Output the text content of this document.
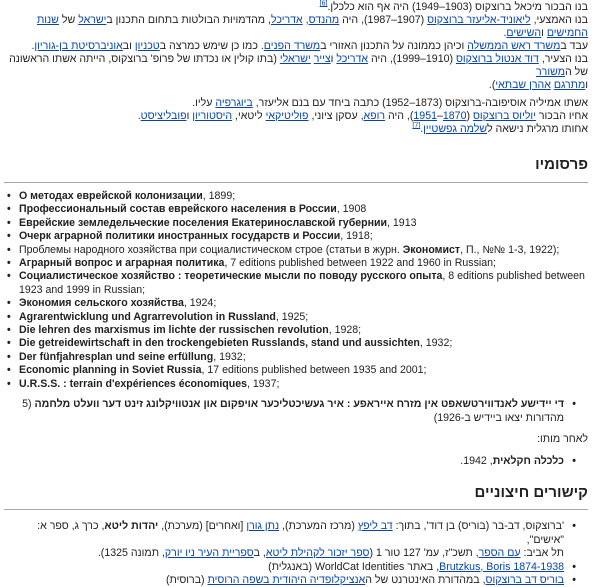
בנו הבכור מיכאל ברוצקוס (1903–1949) היה אף הוא כלכלן.[6]

בנו האמצעי, ליאוניד-אליעזר ברוצקוס (1907–1987), היה מהנדס, אדריכל, מהדמויות הבולטות בתחום התכנון בישראל של שנות החמישים והשישים.

עבד במשרד ראש הממשלה וכיהן כממונה על התכנון האזורי במשרד הפנים. כמו כן שימש כמרצה בטכניון ובאוניברסיטת בן-גוריון.

בנו הצעיר, דוד אנטול ברוצקוס (1910–1999), היה אדריכל וצייר ישראלי (בתו קולין או נכדתו של פרופ' ברוצקוס, הייתה אשתו הראשונה של המשורר

ומתרגם אהרן שבתאי).

אשתו אמיליה אוסיפובה-ברוצקוס (1873–1952) כתבה ביחד עם בנם אליעזר, ביוגרפיה עליו.

אחיו הבכור יוליוס ברוצקוס (1870–1951), היה רופא, עסקן ציוני, פוליטיקאי ליטאי, היסטוריון ופובליציסט.

אחותו מרגלית נישאה לשלמה גפשטיין.[7]

פרסומיו
• О методах еврейской колонизации, 1899;
• Профессиональный состав еврейского населения в России, 1908
• Еврейские земледельческие поселения Екатеринославской губернии, 1913
• Очерк аграрной политики иностранных государств и России, 1918;
• Проблемы народного хозяйства при социалистическом строе (статьи в журн. Экономист, П., №№ 1-3, 1922);
• Аграрный вопрос и аграрная политика, 7 editions published between 1922 and 1960 in Russian;
• Социалистическое хозяйство : теоретические мысли по поводу русского опыта, 8 editions published between 1923 and 1999 in Russian;
• Экономия сельского хозяйства, 1924;
• Agrarentwicklung und Agrarrevolution in Russland, 1925;
• Die lehren des marxismus im lichte der russischen revolution, 1928;
• Die getreidewirtschaft in den trockengebieten Russlands, stand und aussichten, 1932;
• Der fünfjahresplan und seine erfüllung, 1932;
• Economic planning in Soviet Russia, 17 editions published between 1935 and 2001;
• U.R.S.S. : terrain d'expériences économiques, 1937;
• די יידישע לאנדווירטשאפט אין מזרח אייראפע : איר געשיכטליכער אויפקום און אנטוויקלונג זינט דער וועלט מלחמה (5 מהדורות יצאו ביידיש ב-1926)

לאחר מותו:

• כלכלה חקלאית, 1942.
קישורים חיצוניים
• 'ברוצקוס, דב-בר (בוריס) בן דוד', בתוך: דב ליפץ (מרכז המערכת), נתן גורן [ואחרים] (מערכת), יהדות ליטא, כרך ג, ספר א: "אישים",
תל אביב: עם הספר, תשכ"ז, עמ' 127 טור 1 (ספר יזכור לקהילת ליטא, בספריית העיר ניו יורק, תמונה 1325).
• Brutzkus, Boris 1874-1938, באתר WorldCat Identities (באנגלית)
• בוריס דב ברוצקוס, במהדורת האינטרנט של האנציקלופדיה היהודית בשפה הרוסית (ברוסית)
